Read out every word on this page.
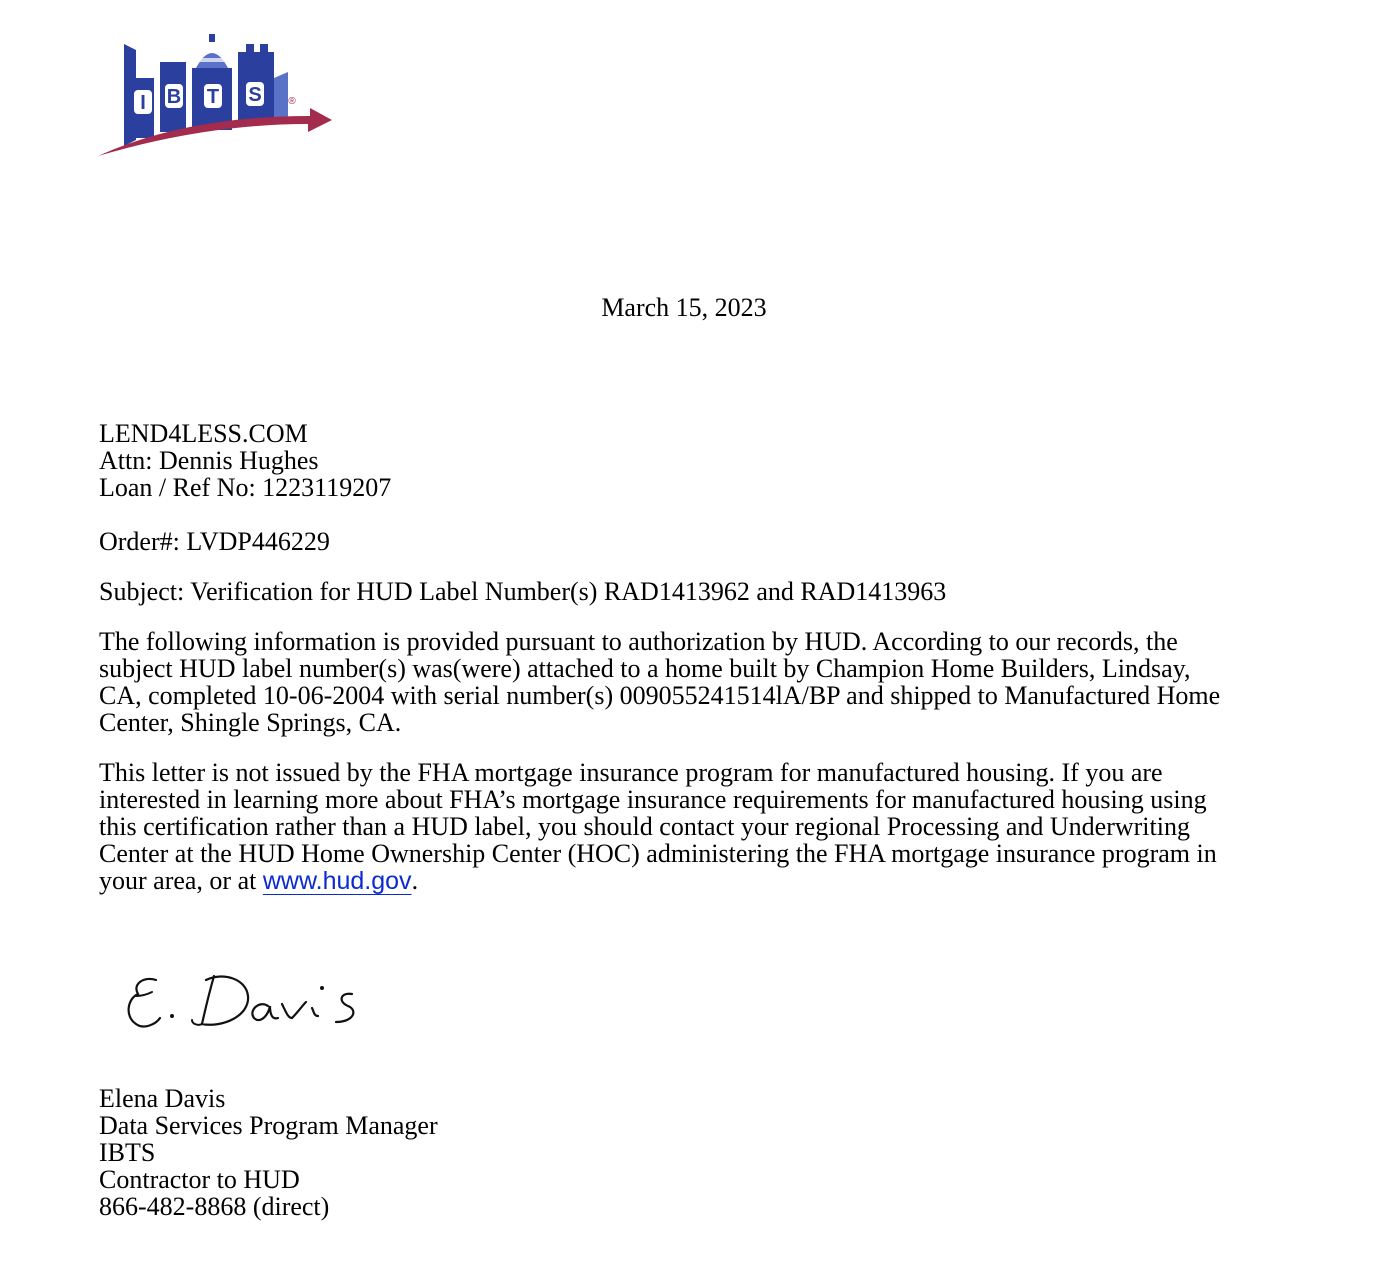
I B T S	®
March 15, 2023
LEND4LESS.COM
Attn: Dennis Hughes
Loan / Ref No: 1223119207
Order#: LVDP446229
Subject: Verification for HUD Label Number(s) RAD1413962 and RAD1413963
The following information is provided pursuant to authorization by HUD. According to our records, the
subject HUD label number(s) was(were) attached to a home built by Champion Home Builders, Lindsay,
CA, completed 10-06-2004 with serial number(s) 009055241514lA/BP and shipped to Manufactured Home
Center, Shingle Springs, CA.
This letter is not issued by the FHA mortgage insurance program for manufactured housing. If you are
interested in learning more about FHA’s mortgage insurance requirements for manufactured housing using
this certification rather than a HUD label, you should contact your regional Processing and Underwriting
Center at the HUD Home Ownership Center (HOC) administering the FHA mortgage insurance program in
your area, or at www.hud.gov.
Elena Davis
Data Services Program Manager
IBTS
Contractor to HUD
866-482-8868 (direct)
